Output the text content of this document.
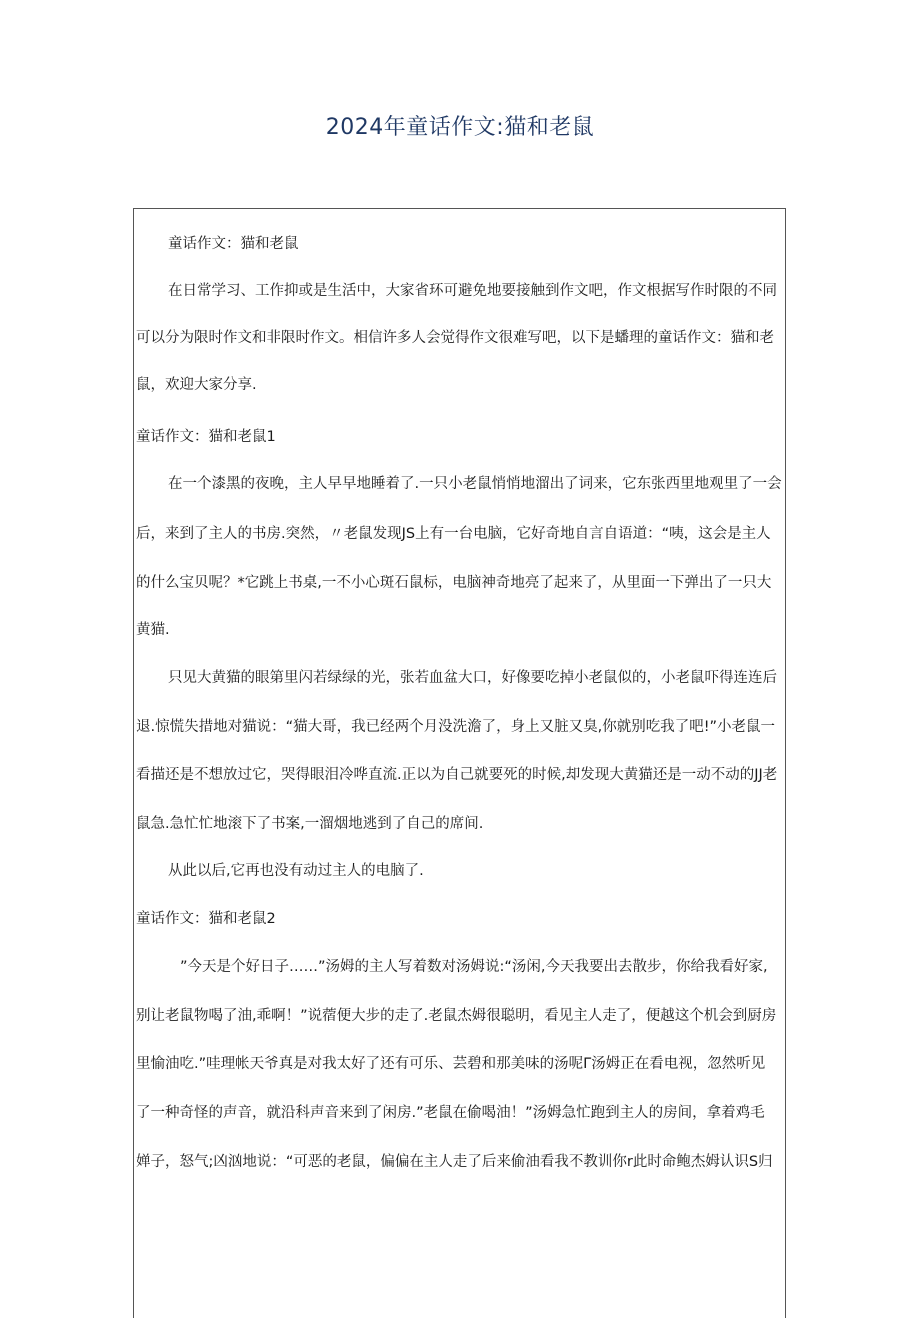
2024年童话作文:猫和老鼠
童话作文：猫和老鼠
在日常学习、工作抑或是生活中，大家省环可避免地要接触到作文吧，作文根据写作时限的不同
可以分为限时作文和非限时作文。相信许多人会觉得作文很难写吧，以下是蟠理的童话作文：猫和老
鼠，欢迎大家分享.
童话作文：猫和老鼠1
在一个漆黑的夜晚，主人早早地睡着了.一只小老鼠悄悄地溜出了词来，它东张西里地观里了一会
后，来到了主人的书房.突然，〃老鼠发现JS上有一台电脑，它好奇地自言自语道：“咦，这会是主人
的什么宝贝呢？*它跳上书桌,一不小心斑石鼠标，电脑神奇地亮了起来了，从里面一下弹出了一只大
黄猫.
只见大黄猫的眼第里闪若绿绿的光，张若血盆大口，好像要吃掉小老鼠似的，小老鼠吓得连连后
退.惊慌失措地对猫说：“猫大哥，我已经两个月没洗澹了，身上又脏又臭,你就别吃我了吧!”小老鼠一
看描还是不想放过它，哭得眼泪冷哗直流.正以为自己就要死的时候,却发现大黄猫还是一动不动的JJ老
鼠急.急忙忙地滚下了书案,一溜烟地逃到了自己的席间.
从此以后,它再也没有动过主人的电脑了.
童话作文：猫和老鼠2
”今天是个好日子……”汤姆的主人写着数对汤姆说:“汤闲,今天我要出去散步，你给我看好家,
别让老鼠物喝了油,乖啊！”说蓿便大步的走了.老鼠杰姆很聪明，看见主人走了，便越这个机会到厨房
里愉油吃.”哇理帐天爷真是对我太好了还有可乐、芸碧和那美味的汤呢Γ汤姆正在看电视，忽然听见
了一种奇怪的声音，就沿科声音来到了闲房.”老鼠在偷喝油！”汤姆急忙跑到主人的房间，拿着鸡毛
婵子，怒气;凶汹地说：“可恶的老鼠，偏偏在主人走了后来偷油看我不教训你r此时命鲍杰姆认识S归
